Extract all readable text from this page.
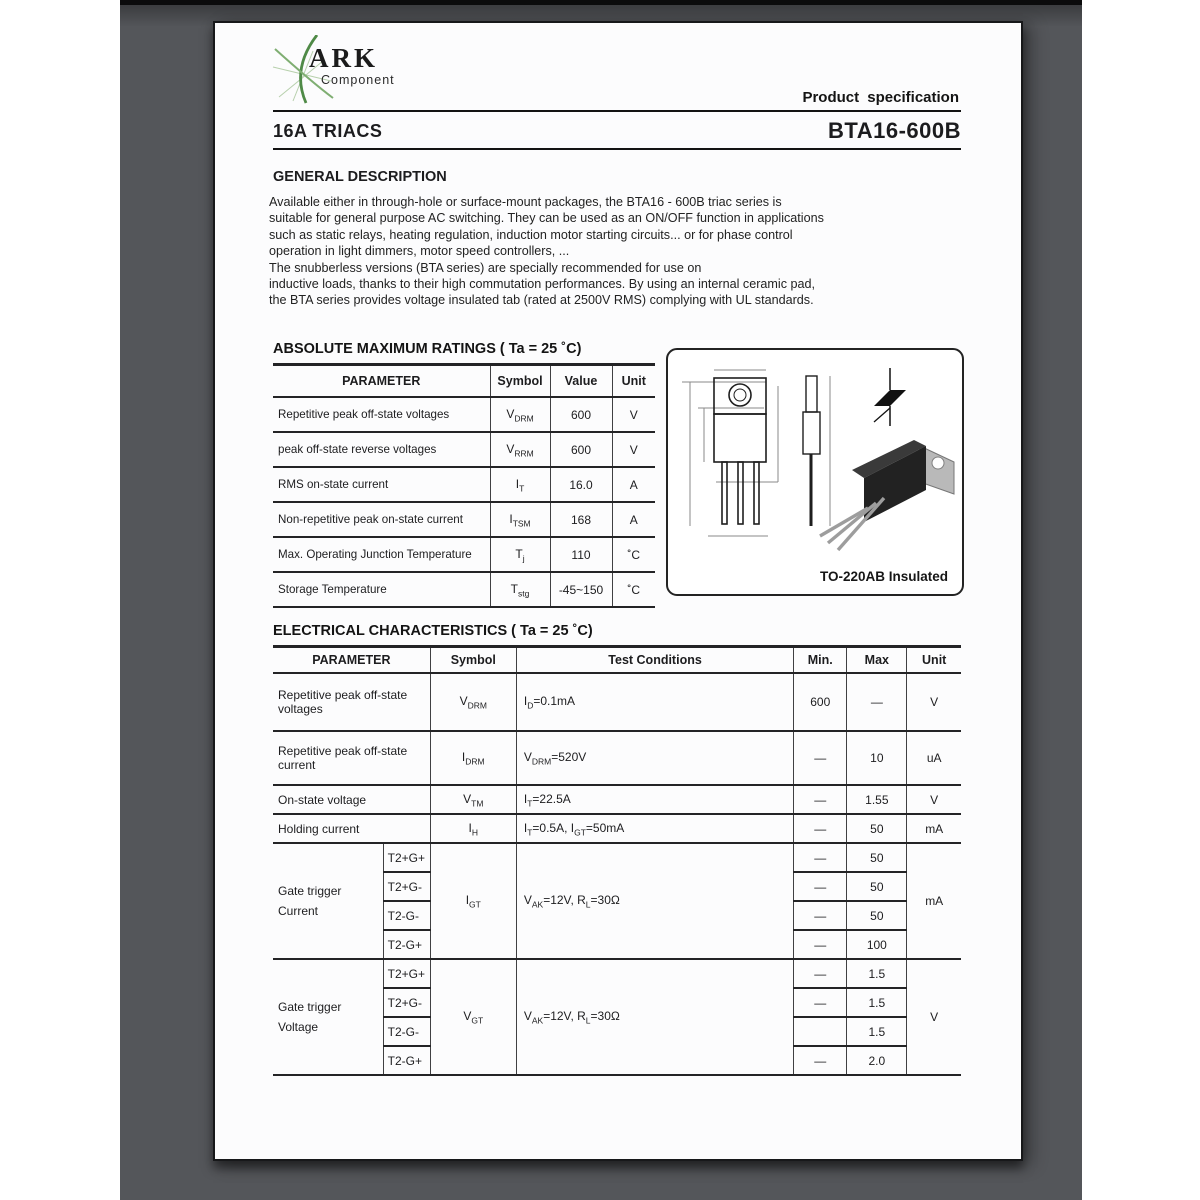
ARK
Component
Product specification
16A TRIACS	BTA16-600B
GENERAL DESCRIPTION
Available either in through-hole or surface-mount packages, the BTA16 - 600B triac series is
suitable for general purpose AC switching. They can be used as an ON/OFF function in applications
such as static relays, heating regulation, induction motor starting circuits... or for phase control
operation in light dimmers, motor speed controllers, ...
The snubberless versions (BTA series) are specially recommended for use on
inductive loads, thanks to their high commutation performances. By using an internal ceramic pad,
the BTA series provides voltage insulated tab (rated at 2500V RMS) complying with UL standards.
ABSOLUTE MAXIMUM RATINGS ( Ta = 25 ˚C)
PARAMETER	Symbol	Value	Unit
Repetitive peak off-state voltages	$V_{DRM}$	600	V
peak off-state reverse voltages	$V_{RRM}$	600	V
RMS on-state current	$I_T$	16.0	A
Non-repetitive peak on-state current	$I_{TSM}$	168	A
Max. Operating Junction Temperature	$T_j$	110	˚C
Storage Temperature	$T_{stg}$	-45~150	˚C
TO-220AB Insulated
ELECTRICAL CHARACTERISTICS ( Ta = 25 ˚C)
PARAMETER		Symbol	Test Conditions	Min.	Max	Unit

Repetitive peak off-state
voltages		$V_{DRM}$	$I_D=0.1mA$	600	—	V

Repetitive peak off-state
current		$I_{DRM}$	$V_{DRM}=520V$	—	10	uA
On-state voltage		$V_{TM}$	$I_T=22.5A$	—	1.55	V
Holding current		$I_H$	$I_T=0.5A$, $I_{GT}=50mA$	—	50	mA

Gate trigger
Current	T2+G+	$I_{GT}$	$V_{AK}=12V$, $R_L=30\Omega$	—	50	mA
	T2+G-			—	50	
	T2-G-			—	50	
	T2-G+			—	100	

Gate trigger
Voltage	T2+G+	$V_{GT}$	$V_{AK}=12V$, $R_L=30\Omega$	—	1.5	V
	T2+G-			—	1.5	
	T2-G-				1.5	
	T2-G+			—	2.0	
